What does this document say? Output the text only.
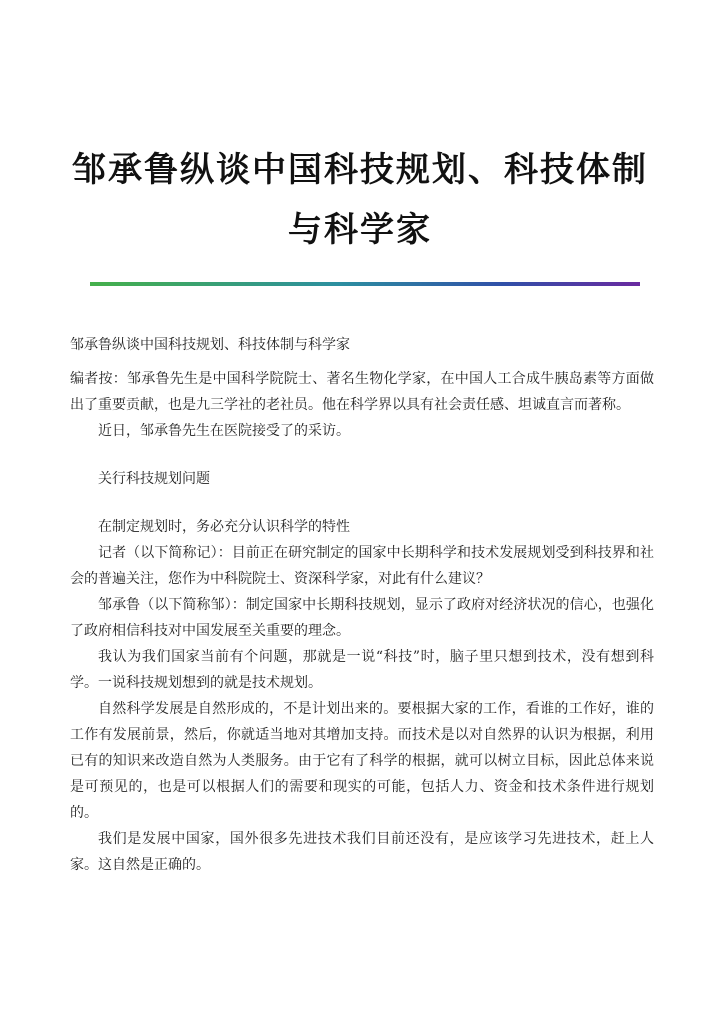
邹承鲁纵谈中国科技规划、科技体制与科学家

邹承鲁纵谈中国科技规划、科技体制与科学家

编者按：邹承鲁先生是中国科学院院士、著名生物化学家，在中国人工合成牛胰岛素等方面做出了重要贡献，也是九三学社的老社员。他在科学界以具有社会责任感、坦诚直言而著称。

近日，邹承鲁先生在医院接受了的采访。

关行科技规划问题

在制定规划时，务必充分认识科学的特性

记者（以下简称记）：目前正在研究制定的国家中长期科学和技术发展规划受到科技界和社会的普遍关注，您作为中科院院士、资深科学家，对此有什么建议？

邹承鲁（以下简称邹）：制定国家中长期科技规划，显示了政府对经济状况的信心，也强化了政府相信科技对中国发展至关重要的理念。

我认为我们国家当前有个问题，那就是一说“科技”时，脑子里只想到技术，没有想到科学。一说科技规划想到的就是技术规划。

自然科学发展是自然形成的，不是计划出来的。要根据大家的工作，看谁的工作好，谁的工作有发展前景，然后，你就适当地对其增加支持。而技术是以对自然界的认识为根据，利用已有的知识来改造自然为人类服务。由于它有了科学的根据，就可以树立目标，因此总体来说是可预见的，也是可以根据人们的需要和现实的可能，包括人力、资金和技术条件进行规划的。

我们是发展中国家，国外很多先进技术我们目前还没有，是应该学习先进技术，赶上人家。这自然是正确的。
